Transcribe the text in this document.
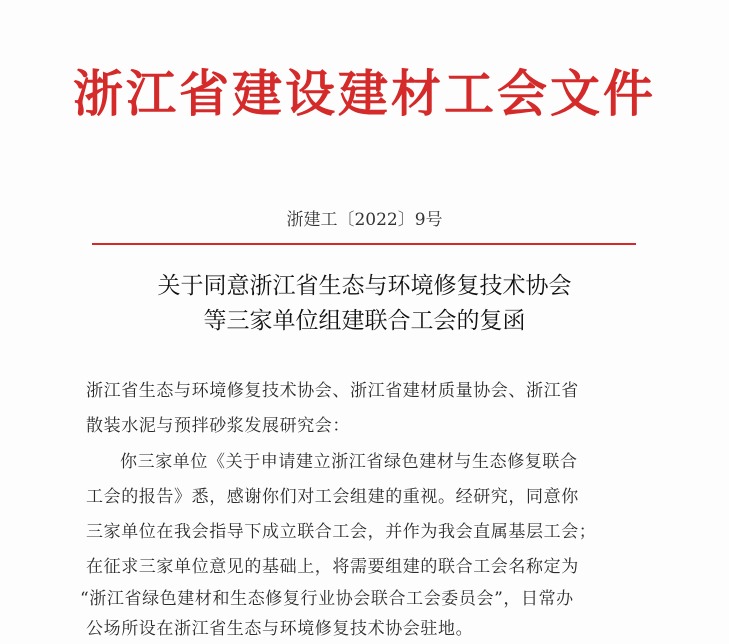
浙江省建设建材工会文件
浙建工〔2022〕9号
关于同意浙江省生态与环境修复技术协会
等三家单位组建联合工会的复函
浙江省生态与环境修复技术协会、浙江省建材质量协会、浙江省
散装水泥与预拌砂浆发展研究会：
你三家单位《关于申请建立浙江省绿色建材与生态修复联合
工会的报告》悉，感谢你们对工会组建的重视。经研究，同意你
三家单位在我会指导下成立联合工会，并作为我会直属基层工会；
在征求三家单位意见的基础上，将需要组建的联合工会名称定为
“浙江省绿色建材和生态修复行业协会联合工会委员会”，日常办
公场所设在浙江省生态与环境修复技术协会驻地。
